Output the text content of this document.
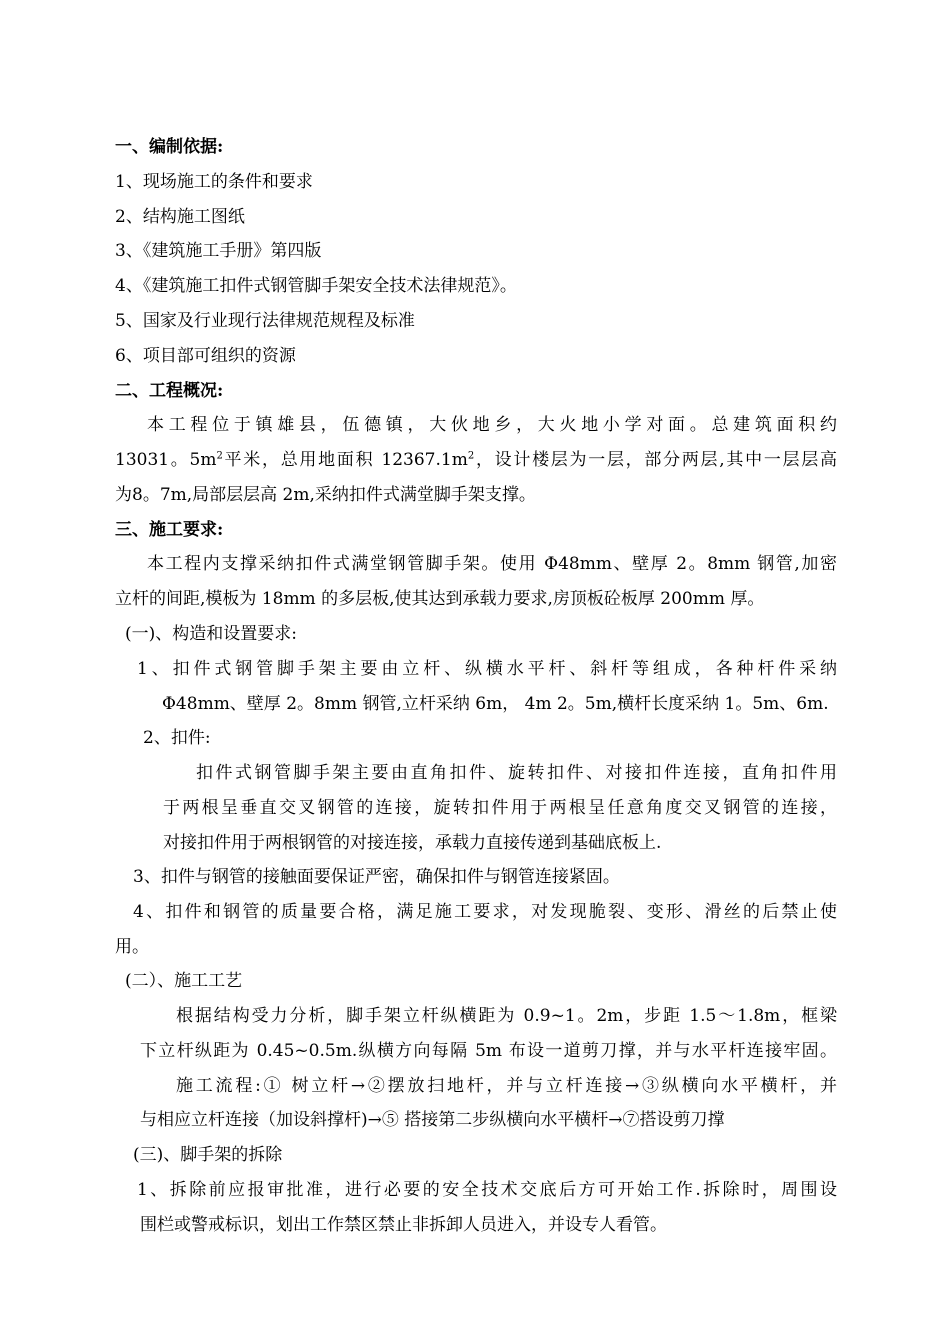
一、编制依据:
1、现场施工的条件和要求
2、结构施工图纸
3、《建筑施工手册》第四版
4、《建筑施工扣件式钢管脚手架安全技术法律规范》。
5、国家及行业现行法律规范规程及标准
6、项目部可组织的资源
二、工程概况:
本工程位于镇雄县，伍德镇，大伙地乡，大火地小学对面。总建筑面积约
13031。$5m^2$平米，总用地面积 $12367.1m^2$，设计楼层为一层，部分两层,其中一层层高
为8。7m,局部层层高 2m,采纳扣件式满堂脚手架支撑。
三、施工要求:
本工程内支撑采纳扣件式满堂钢管脚手架。使用 Φ48mm、壁厚 2。8mm 钢管,加密
立杆的间距,模板为 18mm 的多层板,使其达到承载力要求,房顶板砼板厚 200mm 厚。
(一)、构造和设置要求:
1、扣件式钢管脚手架主要由立杆、纵横水平杆、斜杆等组成，各种杆件采纳
Φ48mm、壁厚 2。8mm 钢管,立杆采纳 6m， 4m 2。5m,横杆长度采纳 1。5m、6m.
2、扣件:
扣件式钢管脚手架主要由直角扣件、旋转扣件、对接扣件连接，直角扣件用
于两根呈垂直交叉钢管的连接，旋转扣件用于两根呈任意角度交叉钢管的连接，
对接扣件用于两根钢管的对接连接，承载力直接传递到基础底板上.
3、扣件与钢管的接触面要保证严密，确保扣件与钢管连接紧固。
4、扣件和钢管的质量要合格，满足施工要求，对发现脆裂、变形、滑丝的后禁止使
用。
(二）、施工工艺
根据结构受力分析，脚手架立杆纵横距为 0.9~1。2m，步距 1.5～1.8m，框梁
下立杆纵距为 0.45~0.5m.纵横方向每隔 5m 布设一道剪刀撑，并与水平杆连接牢固。
施工流程:① 树立杆→②摆放扫地杆，并与立杆连接→③纵横向水平横杆，并
与相应立杆连接（加设斜撑杆)→⑤ 搭接第二步纵横向水平横杆→⑦搭设剪刀撑
(三)、脚手架的拆除
1、拆除前应报审批准，进行必要的安全技术交底后方可开始工作.拆除时，周围设
围栏或警戒标识，划出工作禁区禁止非拆卸人员进入，并设专人看管。
